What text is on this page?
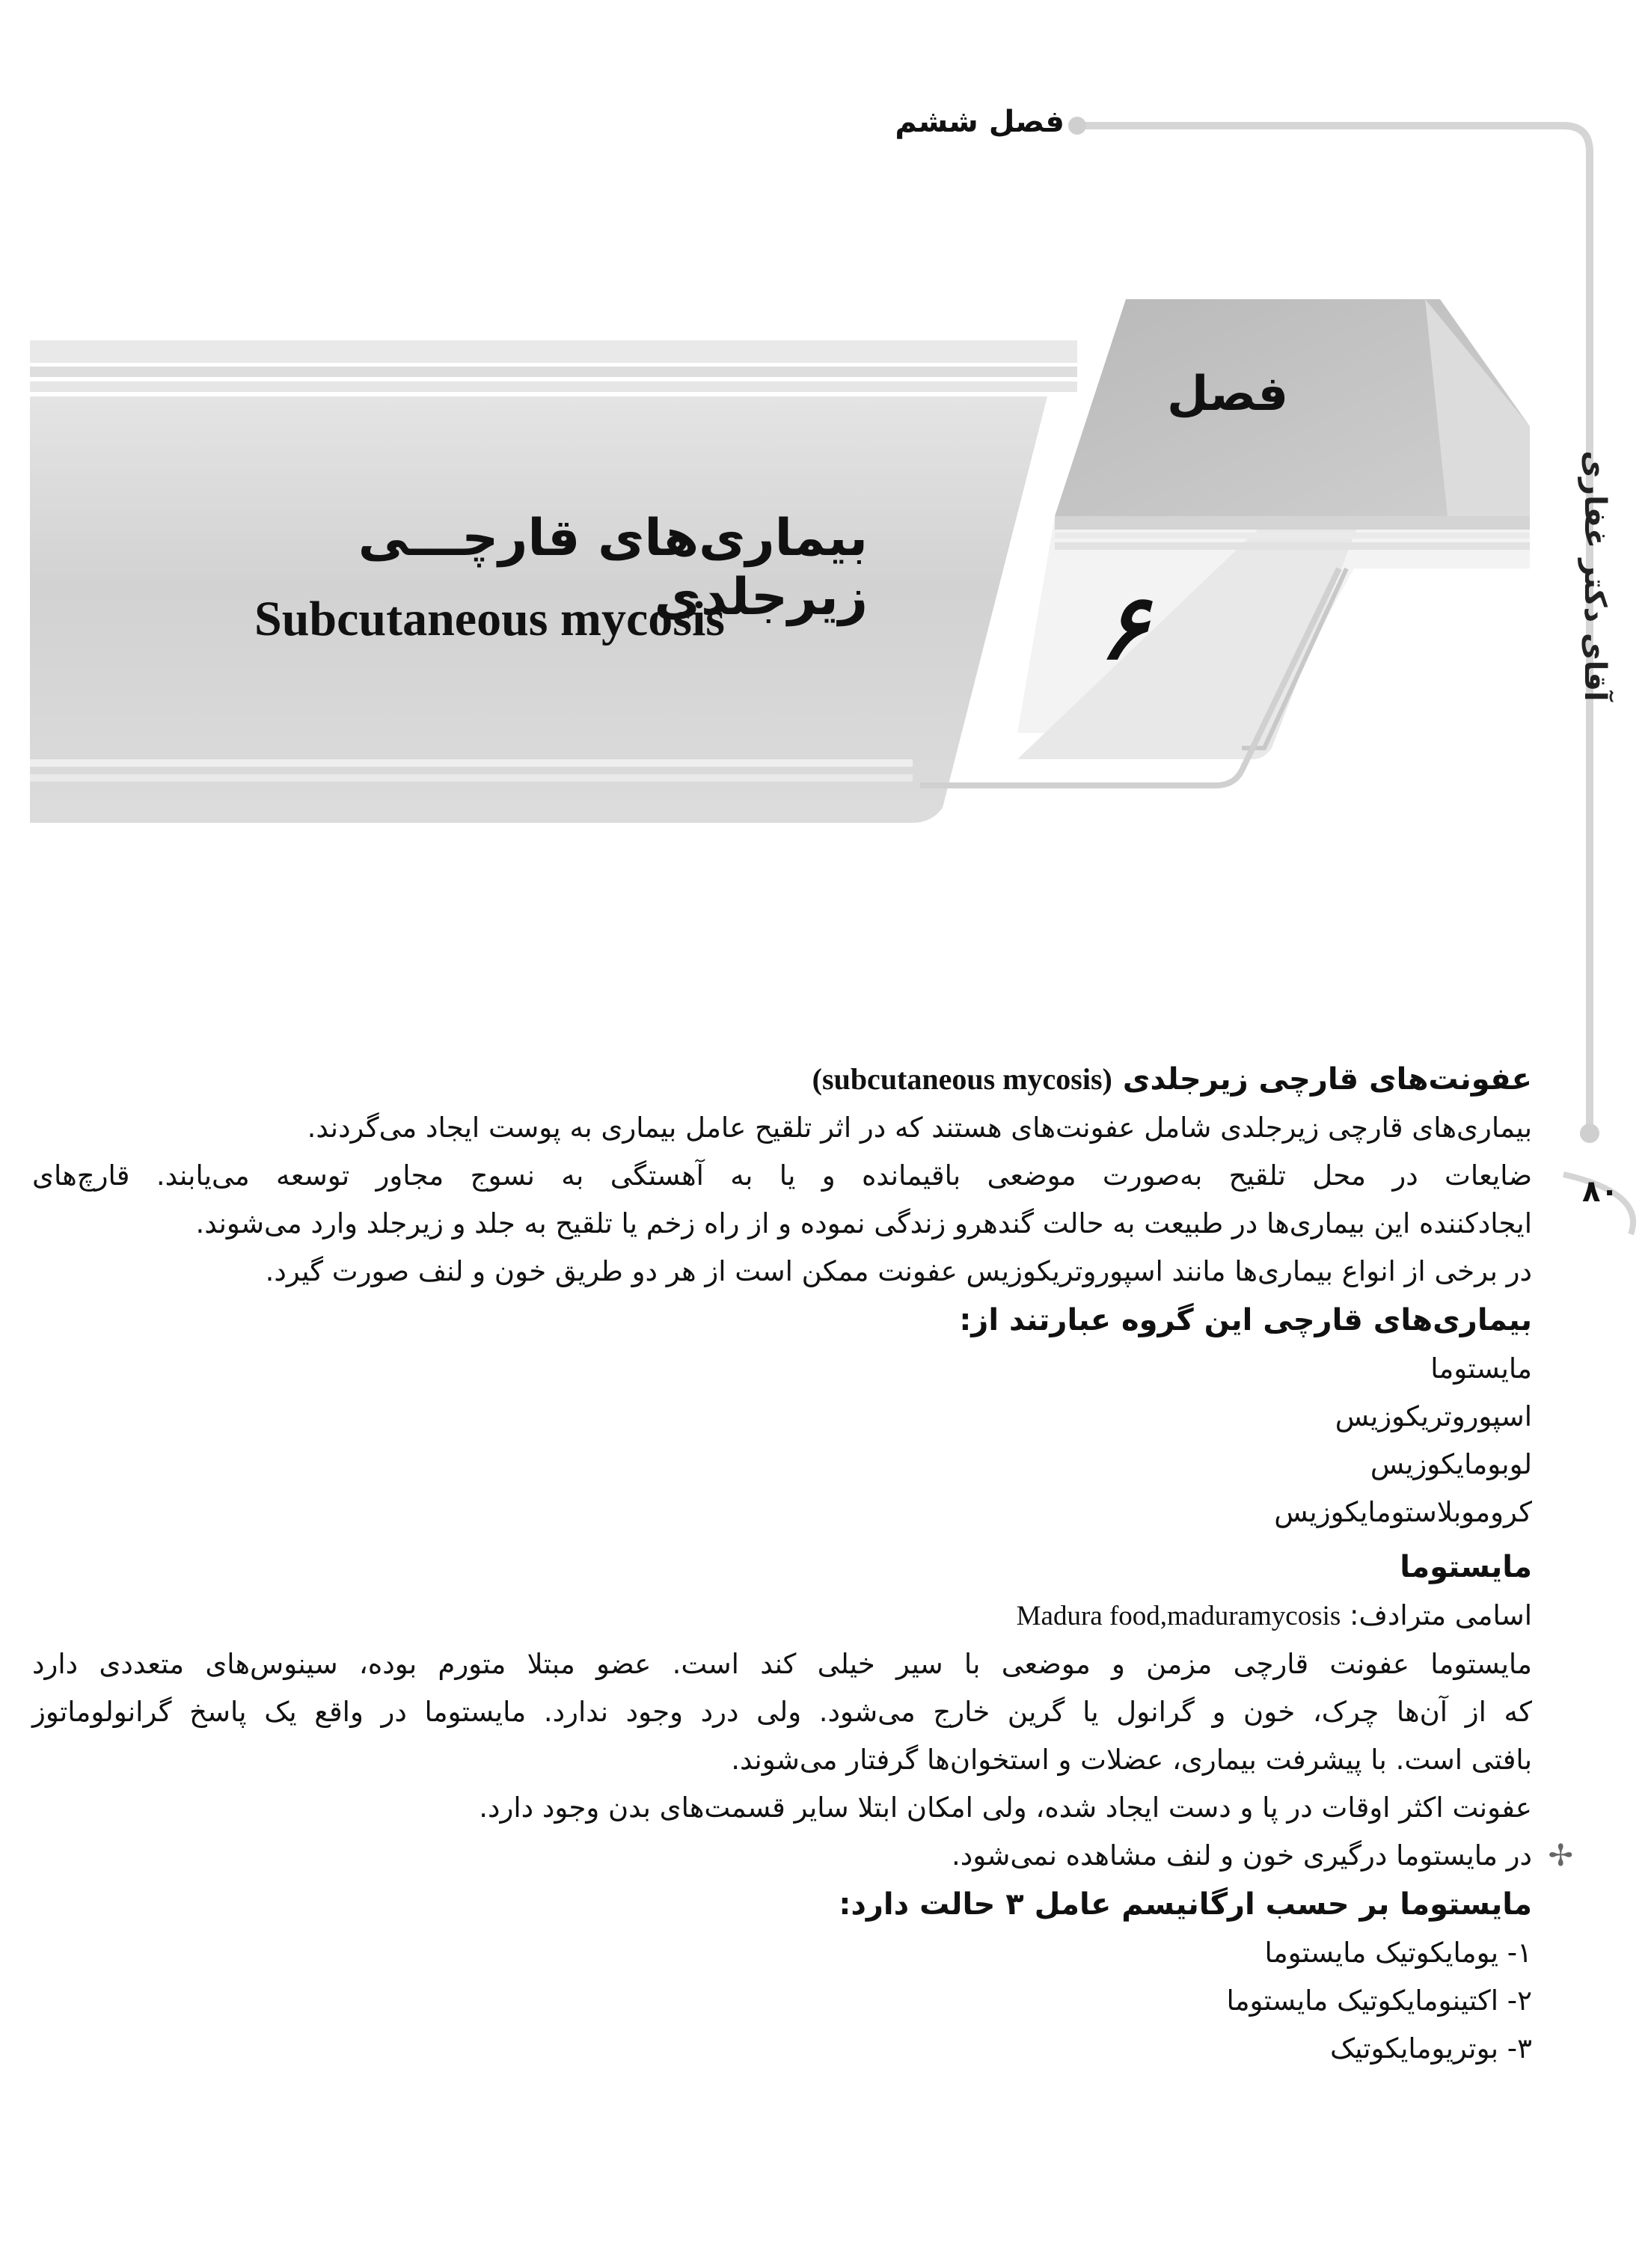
فصل ششم
فصل
۶
بیماری‌های قارچـــی زیرجلدی
Subcutaneous mycosis	آقای دکتر غفاری
۸۰
عفونت‌های قارچی زیرجلدی (subcutaneous mycosis)
بیماری‌های قارچی زیرجلدی شامل عفونت‌های هستند که در اثر تلقیح عامل بیماری به پوست ایجاد می‌گردند.
ضایعات در محل تلقیح به‌صورت موضعی باقیمانده و یا به آهستگی به نسوج مجاور توسعه می‌یابند. قارچ‌های
ایجادکننده این بیماری‌ها در طبیعت به حالت گندهرو زندگی نموده و از راه زخم یا تلقیح به جلد و زیرجلد وارد می‌شوند.
در برخی از انواع بیماری‌ها مانند اسپوروتریکوزیس عفونت ممکن است از هر دو طریق خون و لنف صورت گیرد.
بیماری‌های قارچی این گروه عبارتند از:
مایستوما
اسپوروتریکوزیس
لوبومایکوزیس
کروموبلاستومایکوزیس
مایستوما
اسامی مترادف: Madura food,maduramycosis
مایستوما عفونت قارچی مزمن و موضعی با سیر خیلی کند است. عضو مبتلا متورم بوده، سینوس‌های متعددی دارد
که از آن‌ها چرک، خون و گرانول یا گرین خارج می‌شود. ولی درد وجود ندارد. مایستوما در واقع یک پاسخ گرانولوماتوز
بافتی است. با پیشرفت بیماری، عضلات و استخوان‌ها گرفتار می‌شوند.
عفونت اکثر اوقات در پا و دست ایجاد شده، ولی امکان ابتلا سایر قسمت‌های بدن وجود دارد.
✢
در مایستوما درگیری خون و لنف مشاهده نمی‌شود.
مایستوما بر حسب ارگانیسم عامل ۳ حالت دارد:
۱- یومایکوتیک مایستوما
۲- اکتینومایکوتیک مایستوما
۳- بوتریومایکوتیک
